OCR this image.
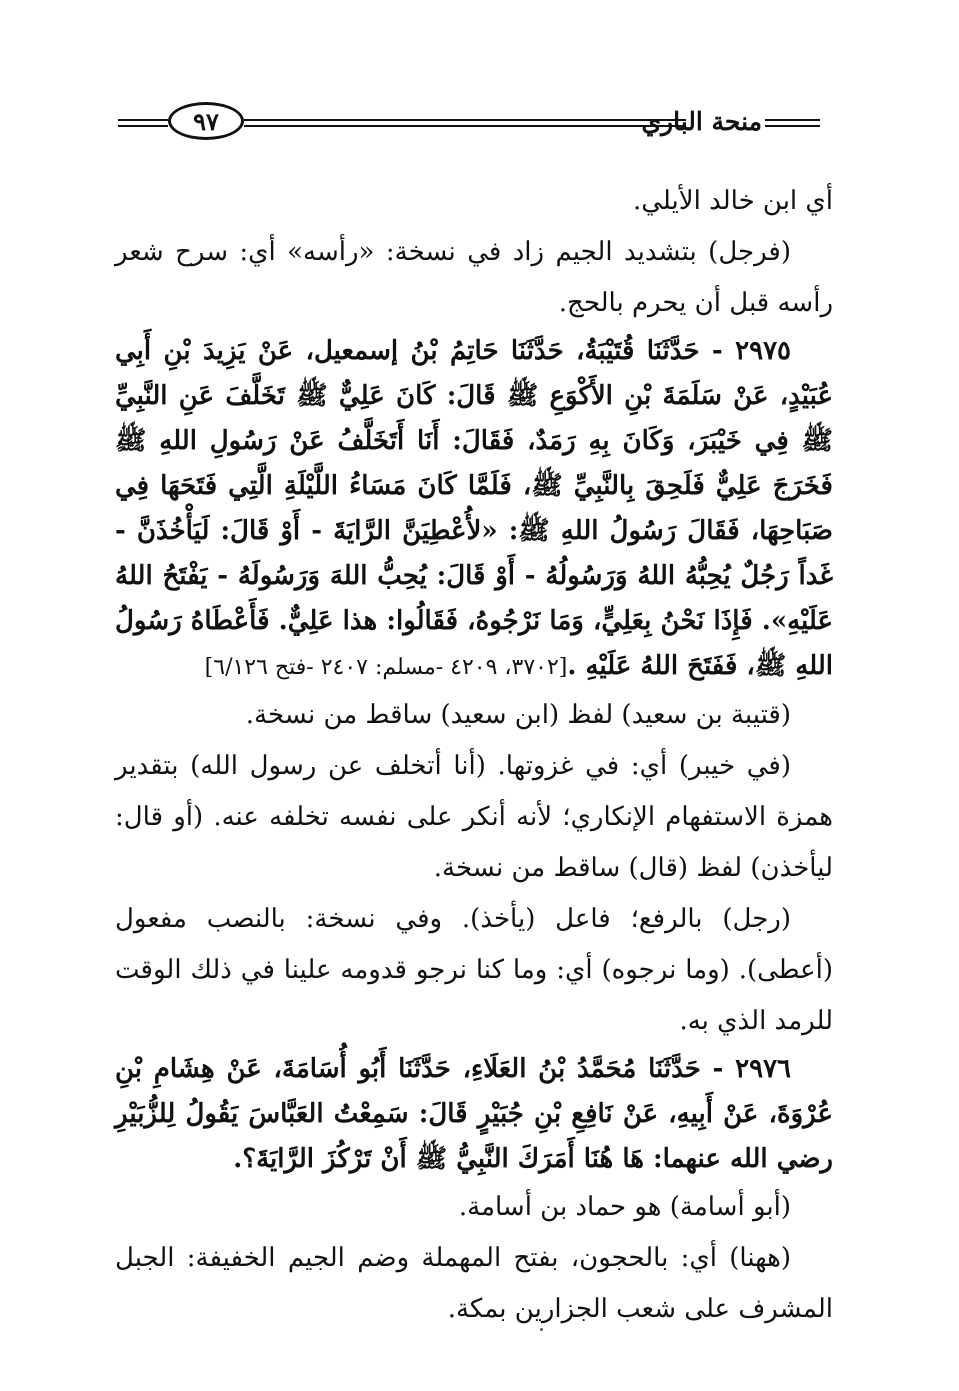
٩٧	منحة الباري

أي ابن خالد الأيلي.

(فرجل) بتشديد الجيم زاد في نسخة: «رأسه» أي: سرح شعر رأسه قبل أن يحرم بالحج.

٢٩٧٥ - حَدَّثَنَا قُتَيْبَةُ، حَدَّثَنَا حَاتِمُ بْنُ إسمعيل، عَنْ يَزِيدَ بْنِ أَبِي عُبَيْدٍ، عَنْ سَلَمَةَ بْنِ الأَكْوَعِ ﷺ قَالَ: كَانَ عَلِيٌّ ﷺ تَخَلَّفَ عَنِ النَّبِيِّ ﷺ فِي خَيْبَرَ، وَكَانَ بِهِ رَمَدٌ، فَقَالَ: أَنَا أَتَخَلَّفُ عَنْ رَسُولِ اللهِ ﷺ فَخَرَجَ عَلِيٌّ فَلَحِقَ بِالنَّبِيِّ ﷺ، فَلَمَّا كَانَ مَسَاءُ اللَّيْلَةِ الَّتِي فَتَحَهَا فِي صَبَاحِهَا، فَقَالَ رَسُولُ اللهِ ﷺ: «لأُعْطِيَنَّ الرَّايَةَ - أَوْ قَالَ: لَيَأْخُذَنَّ - غَداً رَجُلٌ يُحِبُّهُ اللهُ وَرَسُولُهُ - أَوْ قَالَ: يُحِبُّ اللهَ وَرَسُولَهُ - يَفْتَحُ اللهُ عَلَيْهِ». فَإِذَا نَحْنُ بِعَلِيٍّ، وَمَا نَرْجُوهُ، فَقَالُوا: هذا عَلِيٌّ. فَأَعْطَاهُ رَسُولُ اللهِ ﷺ، فَفَتَحَ اللهُ عَلَيْهِ .[٣٧٠٢، ٤٢٠٩ -مسلم: ٢٤٠٧ -فتح ٦/١٢٦]

(قتيبة بن سعيد) لفظ (ابن سعيد) ساقط من نسخة.

(في خيبر) أي: في غزوتها. (أنا أتخلف عن رسول الله) بتقدير همزة الاستفهام الإنكاري؛ لأنه أنكر على نفسه تخلفه عنه. (أو قال: ليأخذن) لفظ (قال) ساقط من نسخة.

(رجل) بالرفع؛ فاعل (يأخذ). وفي نسخة: بالنصب مفعول (أعطى). (وما نرجوه) أي: وما كنا نرجو قدومه علينا في ذلك الوقت للرمد الذي به.

٢٩٧٦ - حَدَّثَنَا مُحَمَّدُ بْنُ العَلَاءِ، حَدَّثَنَا أَبُو أُسَامَةَ، عَنْ هِشَامِ بْنِ عُرْوَةَ، عَنْ أَبِيهِ، عَنْ نَافِعِ بْنِ جُبَيْرٍ قَالَ: سَمِعْتُ العَبَّاسَ يَقُولُ لِلزُّبَيْرِ رضي الله عنهما: هَا هُنَا أَمَرَكَ النَّبِيُّ ﷺ أَنْ تَرْكُزَ الرَّايَةَ؟.

(أبو أسامة) هو حماد بن أسامة.

(ههنا) أي: بالحجون، بفتح المهملة وضم الجيم الخفيفة: الجبل المشرف على شعب الجزارين بمكة.
